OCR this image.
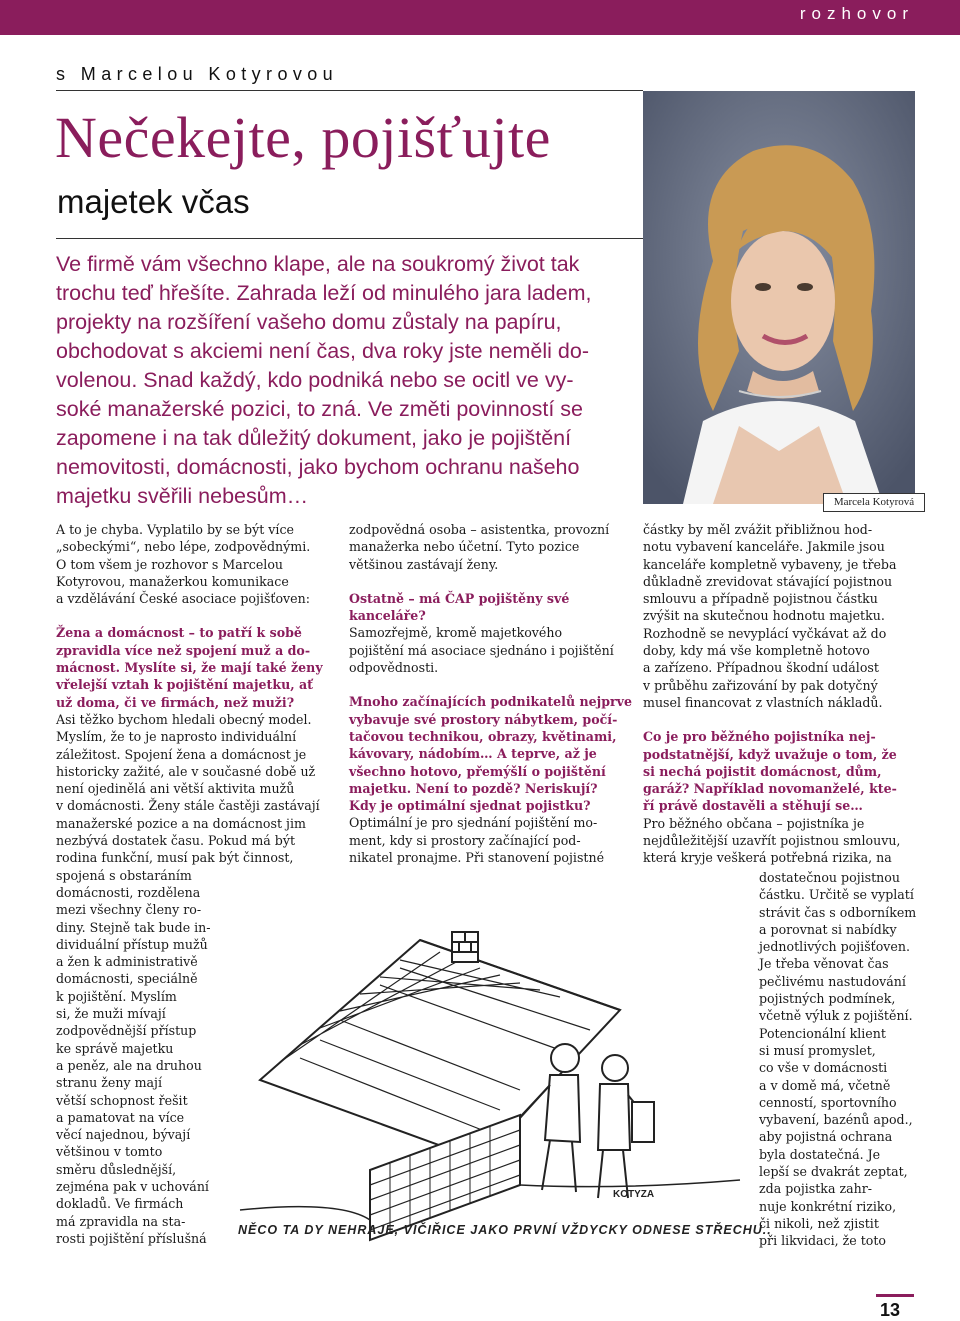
rozhovor
s Marcelou Kotyrovou
Nečekejte, pojišťujte
majetek včas

Ve firmě vám všechno klape, ale na soukromý život tak
trochu teď hřešíte. Zahrada leží od minulého jara ladem,
projekty na rozšíření vašeho domu zůstaly na papíru,
obchodovat s akciemi není čas, dva roky jste neměli do-
volenou. Snad každý, kdo podniká nebo se ocitl ve vy-
soké manažerské pozici, to zná. Ve změti povinností se
zapomene i na tak důležitý dokument, jako je pojištění
nemovitosti, domácnosti, jako bychom ochranu našeho
majetku svěřili nebesům…	Marcela Kotyrová
A to je chyba. Vyplatilo by se být více
„sobeckými“, nebo lépe, zodpovědnými.
O tom všem je rozhovor s Marcelou
Kotyrovou, manažerkou komunikace
a vzdělávání České asociace pojišťoven:
Žena a domácnost – to patří k sobě
zpravidla více než spojení muž a do-
mácnost. Myslíte si, že mají také ženy
vřelejší vztah k pojištění majetku, ať
už doma, či ve firmách, než muži?
Asi těžko bychom hledali obecný model.
Myslím, že to je naprosto individuální
záležitost. Spojení žena a domácnost je
historicky zažité, ale v současné době už
není ojedinělá ani větší aktivita mužů
v domácnosti. Ženy stále častěji zastávají
manažerské pozice a na domácnost jim
nezbývá dostatek času. Pokud má být
rodina funkční, musí pak být činnost,
spojená s obstaráním
domácnosti, rozdělena
mezi všechny členy ro-
diny. Stejně tak bude in-
dividuální přístup mužů
a žen k administrativě
domácnosti, speciálně
k pojištění. Myslím
si, že muži mívají
zodpovědnější přístup
ke správě majetku
a peněz, ale na druhou
stranu ženy mají
větší schopnost řešit
a pamatovat na více
věcí najednou, bývají
většinou v tomto
směru důslednější,
zejména pak v uchování
dokladů. Ve firmách
má zpravidla na sta-
rosti pojištění příslušná
zodpovědná osoba – asistentka, provozní
manažerka nebo účetní. Tyto pozice
většinou zastávají ženy.
Ostatně – má ČAP pojištěny své
kanceláře?
Samozřejmě, kromě majetkového
pojištění má asociace sjednáno i pojištění
odpovědnosti.
Mnoho začínajících podnikatelů nejprve
vybavuje své prostory nábytkem, počí-
tačovou technikou, obrazy, květinami,
kávovary, nádobím… A teprve, až je
všechno hotovo, přemýšlí o pojištění
majetku. Není to pozdě? Neriskují?
Kdy je optimální sjednat pojistku?
Optimální je pro sjednání pojištění mo-
ment, kdy si prostory začínající pod-
nikatel pronajme. Při stanovení pojistné
částky by měl zvážit přibližnou hod-
notu vybavení kanceláře. Jakmile jsou
kanceláře kompletně vybaveny, je třeba
důkladně zrevidovat stávající pojistnou
smlouvu a případně pojistnou částku
zvýšit na skutečnou hodnotu majetku.
Rozhodně se nevyplácí vyčkávat až do
doby, kdy má vše kompletně hotovo
a zařízeno. Případnou škodní událost
v průběhu zařizování by pak dotyčný
musel financovat z vlastních nákladů.
Co je pro běžného pojistníka nej-
podstatnější, když uvažuje o tom, že
si nechá pojistit domácnost, dům,
garáž? Například novomanželé, kte-
ří právě dostavěli a stěhují se…
Pro běžného občana – pojistníka je
nejdůležitější uzavřít pojistnou smlouvu,
která kryje veškerá potřebná rizika, na
dostatečnou pojistnou
částku. Určitě se vyplatí
strávit čas s odborníkem
a porovnat si nabídky
jednotlivých pojišťoven.
Je třeba věnovat čas
pečlivému nastudování
pojistných podmínek,
včetně výluk z pojištění.
Potencionální klient
si musí promyslet,
co vše v domácnosti
a v domě má, včetně
cenností, sportovního
vybavení, bazénů apod.,
aby pojistná ochrana
byla dostatečná. Je
lepší se dvakrát zeptat,
zda pojistka zahr-
nuje konkrétní riziko,
či nikoli, než zjistit
při likvidaci, že toto
KOTYZA
NĚCO TA DY NEHRAJE, VIČIŘICE JAKO PRVNÍ VŽDYCKY ODNESE STŘECHU..
13
